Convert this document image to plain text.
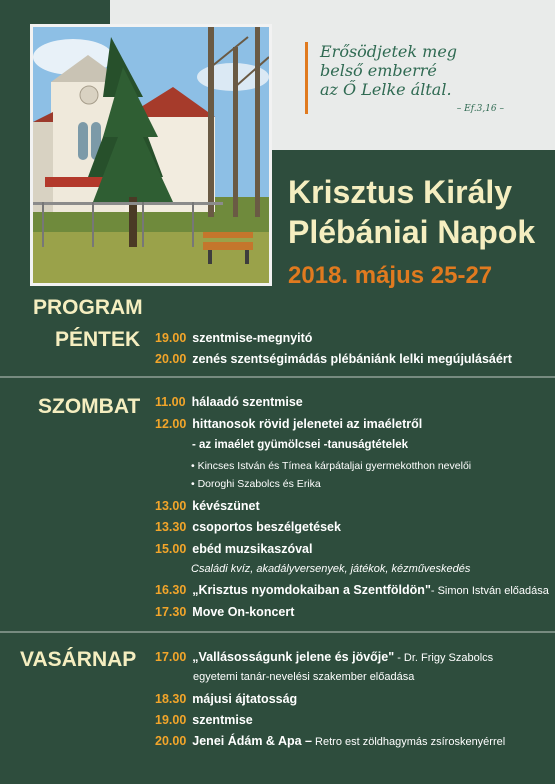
Erősödjetek meg
belső emberré
az Ő Lelke által.
– Ef.3,16 –
Krisztus Király
Plébániai Napok
2018. május 25-27
PROGRAM
PÉNTEK 19.00 szentmise-megnyitó
20.00 zenés szentségimádás plébániánk lelki megújulásáért
SZOMBAT 11.00 hálaadó szentmise
12.00 hittanosok rövid jelenetei az imaéletről
- az imaélet gyümölcsei -tanuságtételek
• Kincses István és Tímea kárpátaljai gyermekotthon nevelői
• Doroghi Szabolcs és Erika
13.00 kévészünet
13.30 csoportos beszélgetések
15.00 ebéd muzsikaszóval
Családi kvíz, akadályversenyek, játékok, kézműveskedés
16.30 „Krisztus nyomdokaiban a Szentföldön"- Simon István előadása
17.30 Move On-koncert
VASÁRNAP 17.00 „Vallásosságunk jelene és jövője" - Dr. Frigy Szabolcs
egyetemi tanár-nevelési szakember előadása
18.30 májusi ájtatosság
19.00 szentmise
20.00 Jenei Ádám & Apa – Retro est zöldhagymás zsíroskenyérrel
